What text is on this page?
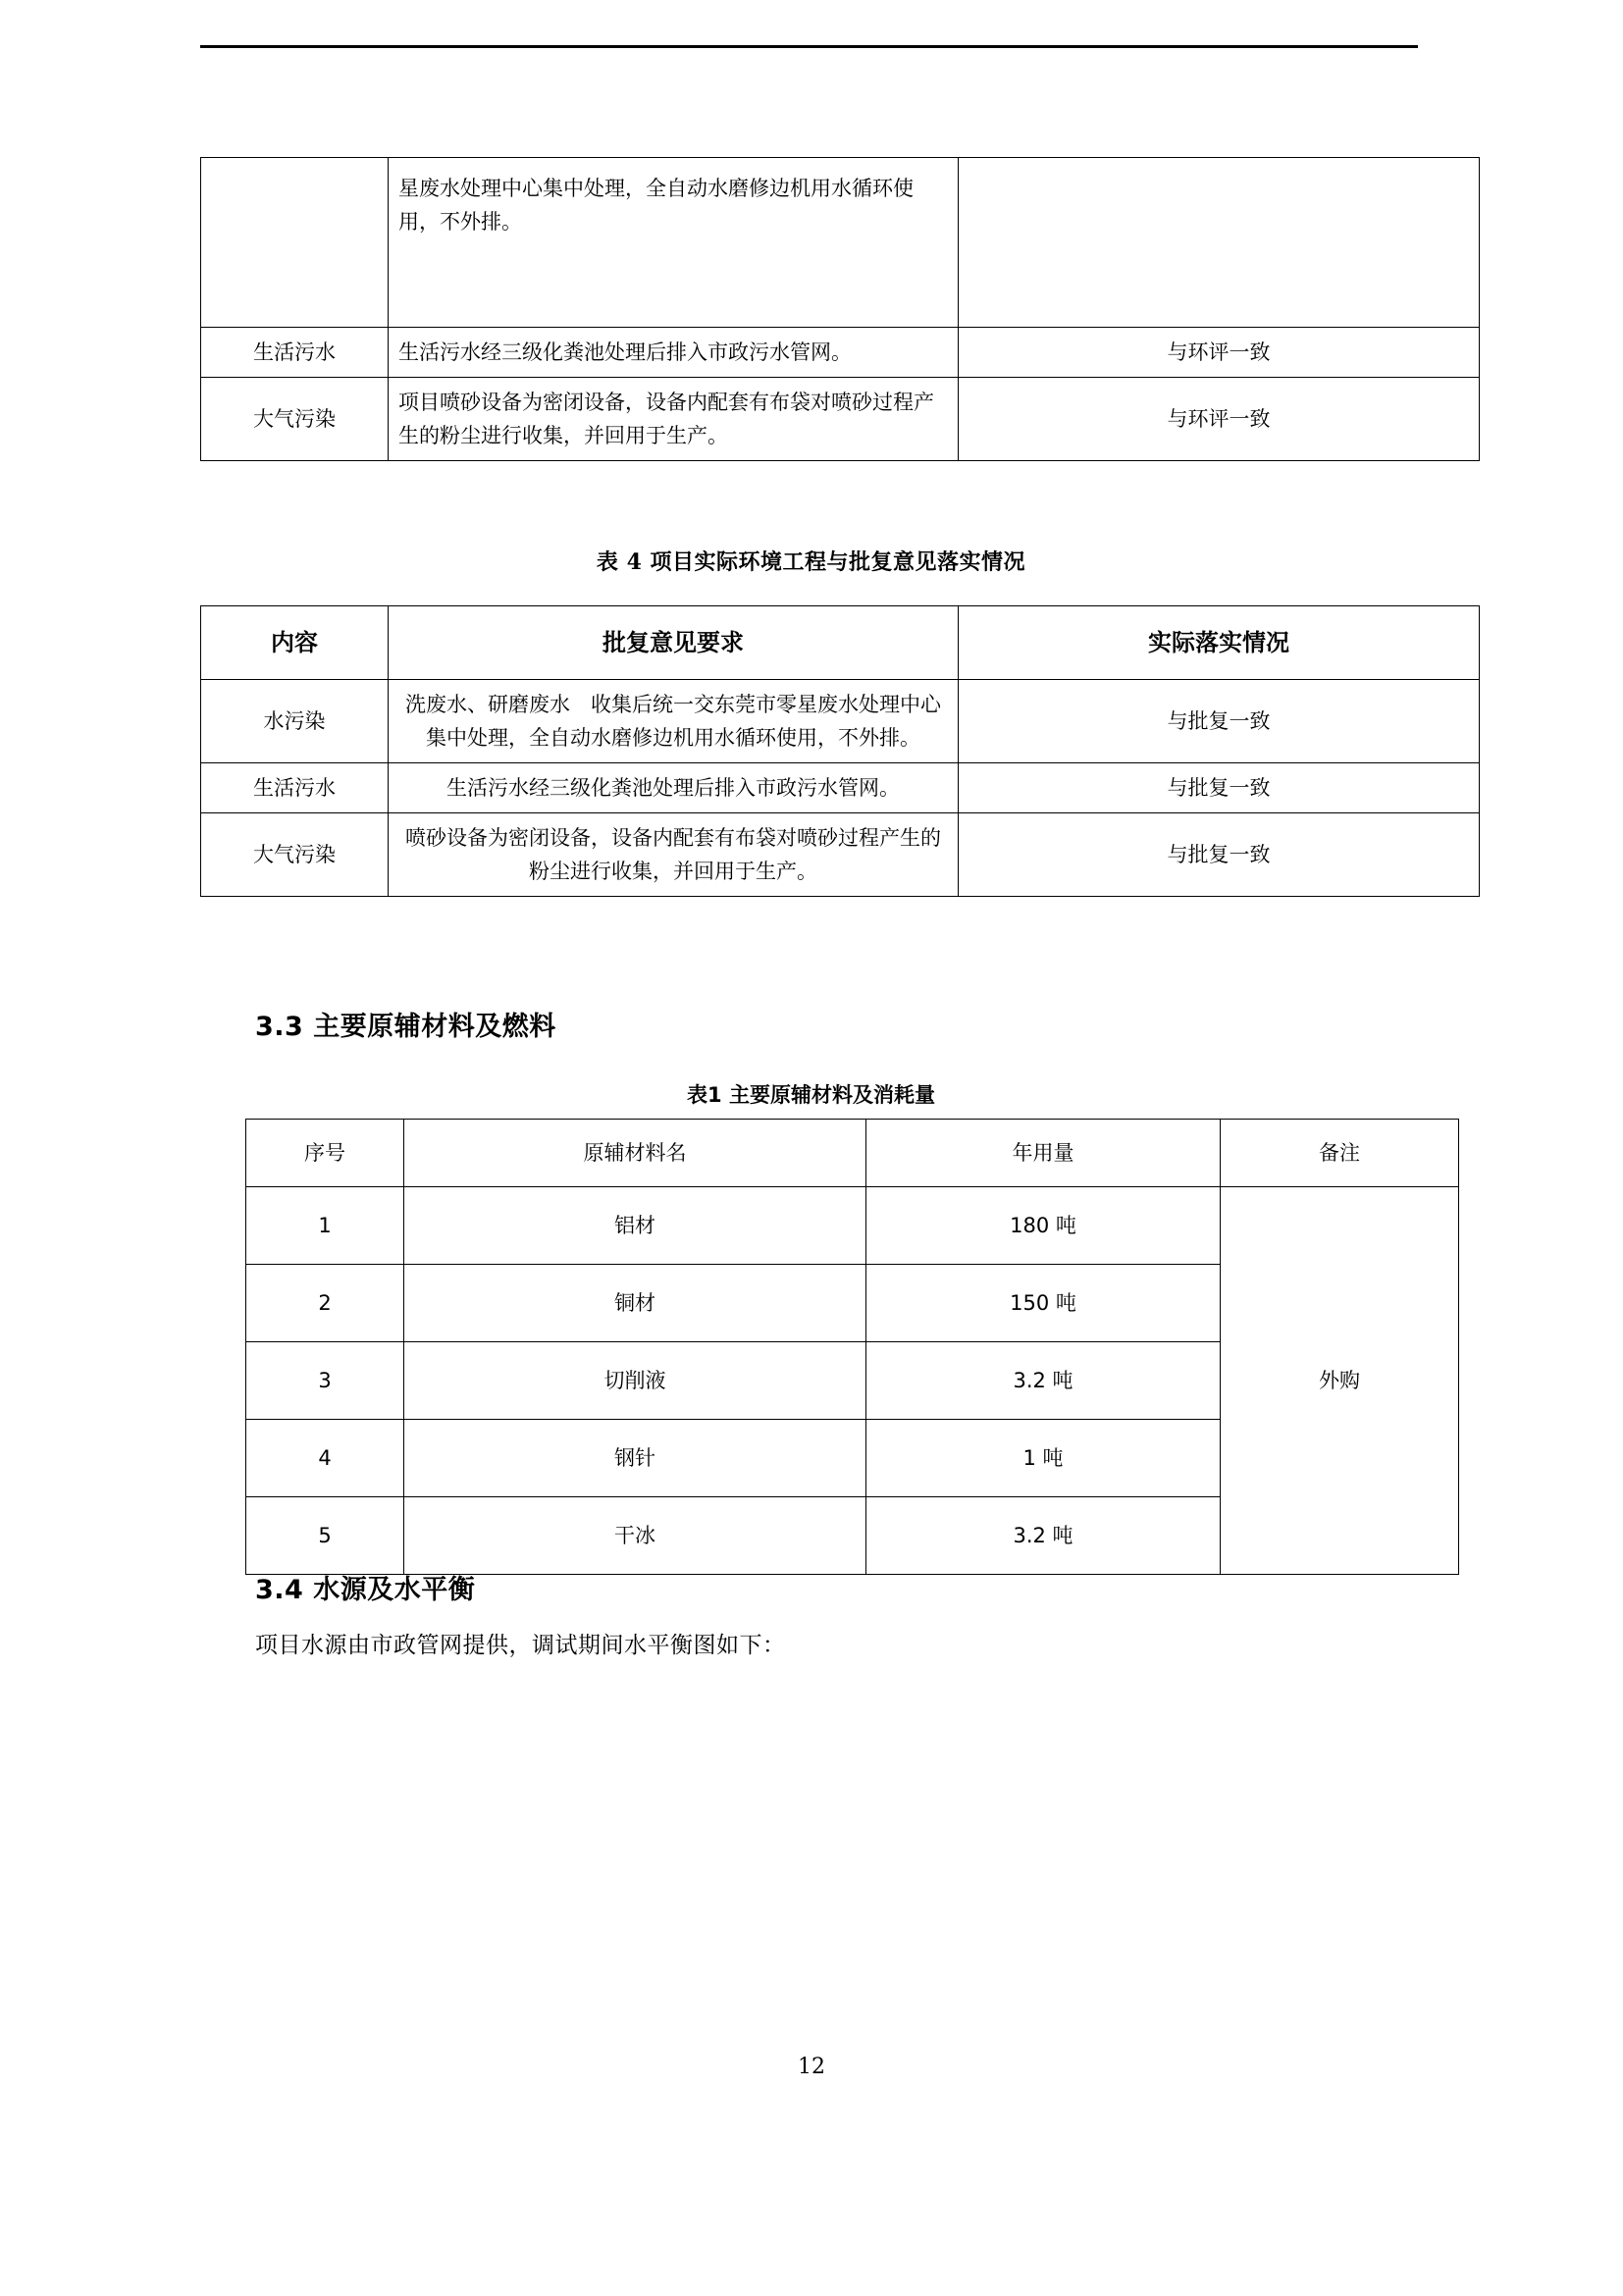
	星废水处理中心集中处理，全自动水磨修边机用水循环使用，不外排。	
生活污水	生活污水经三级化粪池处理后排入市政污水管网。	与环评一致
大气污染	项目喷砂设备为密闭设备，设备内配套有布袋对喷砂过程产生的粉尘进行收集，并回用于生产。	与环评一致
表 4 项目实际环境工程与批复意见落实情况
内容	批复意见要求	实际落实情况
水污染	洗废水、研磨废水　收集后统一交东莞市零星废水处理中心集中处理，全自动水磨修边机用水循环使用，不外排。	与批复一致
生活污水	生活污水经三级化粪池处理后排入市政污水管网。	与批复一致
大气污染	喷砂设备为密闭设备，设备内配套有布袋对喷砂过程产生的粉尘进行收集，并回用于生产。	与批复一致
3.3 主要原辅材料及燃料
表1 主要原辅材料及消耗量
序号	原辅材料名	年用量	备注
1	铝材	180 吨	外购
2	铜材	150 吨	
3	切削液	3.2 吨	
4	钢针	1 吨	
5	干冰	3.2 吨	
3.4 水源及水平衡
项目水源由市政管网提供，调试期间水平衡图如下：
12
